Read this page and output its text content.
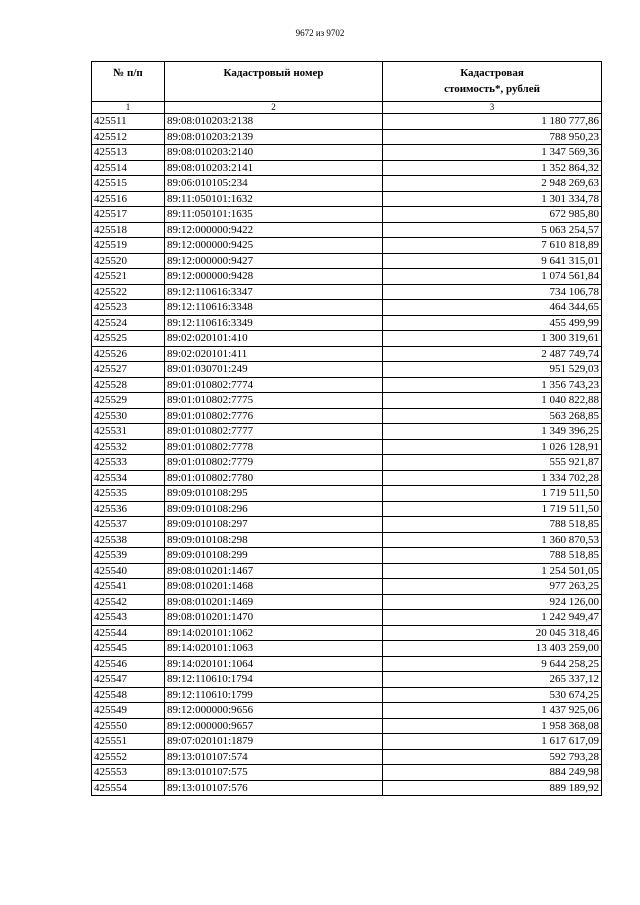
9672 из 9702
№ п/п	Кадастровый номер	Кадастровая стоимость*, рублей
1	2	3
425511	89:08:010203:2138	1 180 777,86
425512	89:08:010203:2139	788 950,23
425513	89:08:010203:2140	1 347 569,36
425514	89:08:010203:2141	1 352 864,32
425515	89:06:010105:234	2 948 269,63
425516	89:11:050101:1632	1 301 334,78
425517	89:11:050101:1635	672 985,80
425518	89:12:000000:9422	5 063 254,57
425519	89:12:000000:9425	7 610 818,89
425520	89:12:000000:9427	9 641 315,01
425521	89:12:000000:9428	1 074 561,84
425522	89:12:110616:3347	734 106,78
425523	89:12:110616:3348	464 344,65
425524	89:12:110616:3349	455 499,99
425525	89:02:020101:410	1 300 319,61
425526	89:02:020101:411	2 487 749,74
425527	89:01:030701:249	951 529,03
425528	89:01:010802:7774	1 356 743,23
425529	89:01:010802:7775	1 040 822,88
425530	89:01:010802:7776	563 268,85
425531	89:01:010802:7777	1 349 396,25
425532	89:01:010802:7778	1 026 128,91
425533	89:01:010802:7779	555 921,87
425534	89:01:010802:7780	1 334 702,28
425535	89:09:010108:295	1 719 511,50
425536	89:09:010108:296	1 719 511,50
425537	89:09:010108:297	788 518,85
425538	89:09:010108:298	1 360 870,53
425539	89:09:010108:299	788 518,85
425540	89:08:010201:1467	1 254 501,05
425541	89:08:010201:1468	977 263,25
425542	89:08:010201:1469	924 126,00
425543	89:08:010201:1470	1 242 949,47
425544	89:14:020101:1062	20 045 318,46
425545	89:14:020101:1063	13 403 259,00
425546	89:14:020101:1064	9 644 258,25
425547	89:12:110610:1794	265 337,12
425548	89:12:110610:1799	530 674,25
425549	89:12:000000:9656	1 437 925,06
425550	89:12:000000:9657	1 958 368,08
425551	89:07:020101:1879	1 617 617,09
425552	89:13:010107:574	592 793,28
425553	89:13:010107:575	884 249,98
425554	89:13:010107:576	889 189,92
